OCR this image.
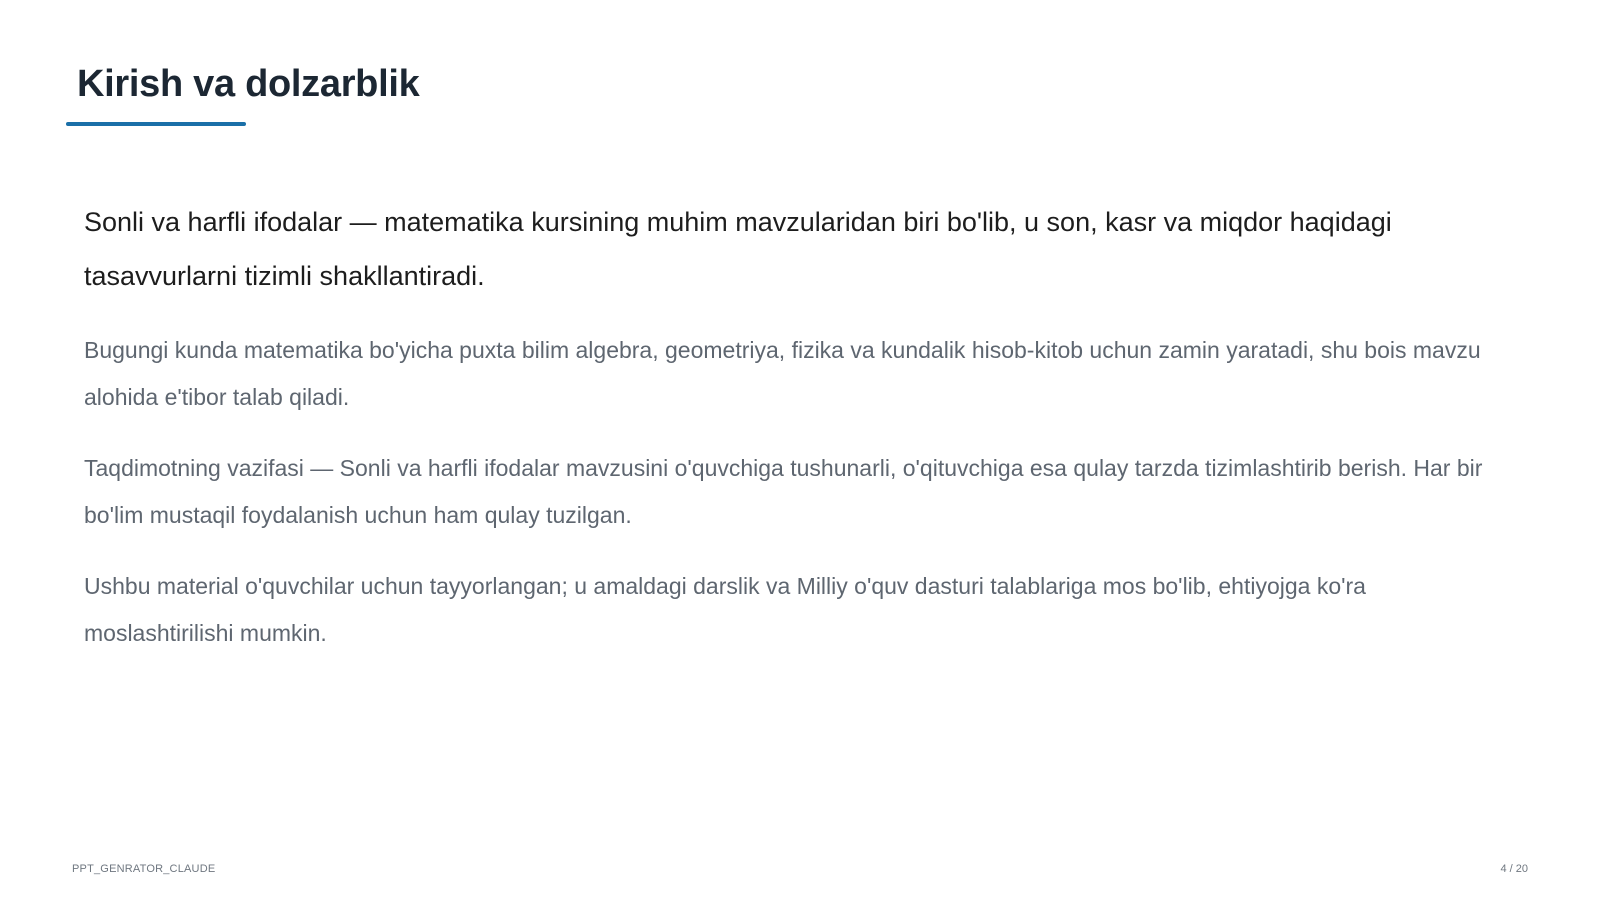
Kirish va dolzarblik

Sonli va harfli ifodalar — matematika kursining muhim mavzularidan biri bo'lib, u son, kasr va miqdor haqidagi tasavvurlarni tizimli shakllantiradi.

Bugungi kunda matematika bo'yicha puxta bilim algebra, geometriya, fizika va kundalik hisob-kitob uchun zamin yaratadi, shu bois mavzu alohida e'tibor talab qiladi.

Taqdimotning vazifasi — Sonli va harfli ifodalar mavzusini o'quvchiga tushunarli, o'qituvchiga esa qulay tarzda tizimlashtirib berish. Har bir bo'lim mustaqil foydalanish uchun ham qulay tuzilgan.

Ushbu material o'quvchilar uchun tayyorlangan; u amaldagi darslik va Milliy o'quv dasturi talablariga mos bo'lib, ehtiyojga ko'ra moslashtirilishi mumkin.

PPT_GENRATOR_CLAUDE	4 / 20
